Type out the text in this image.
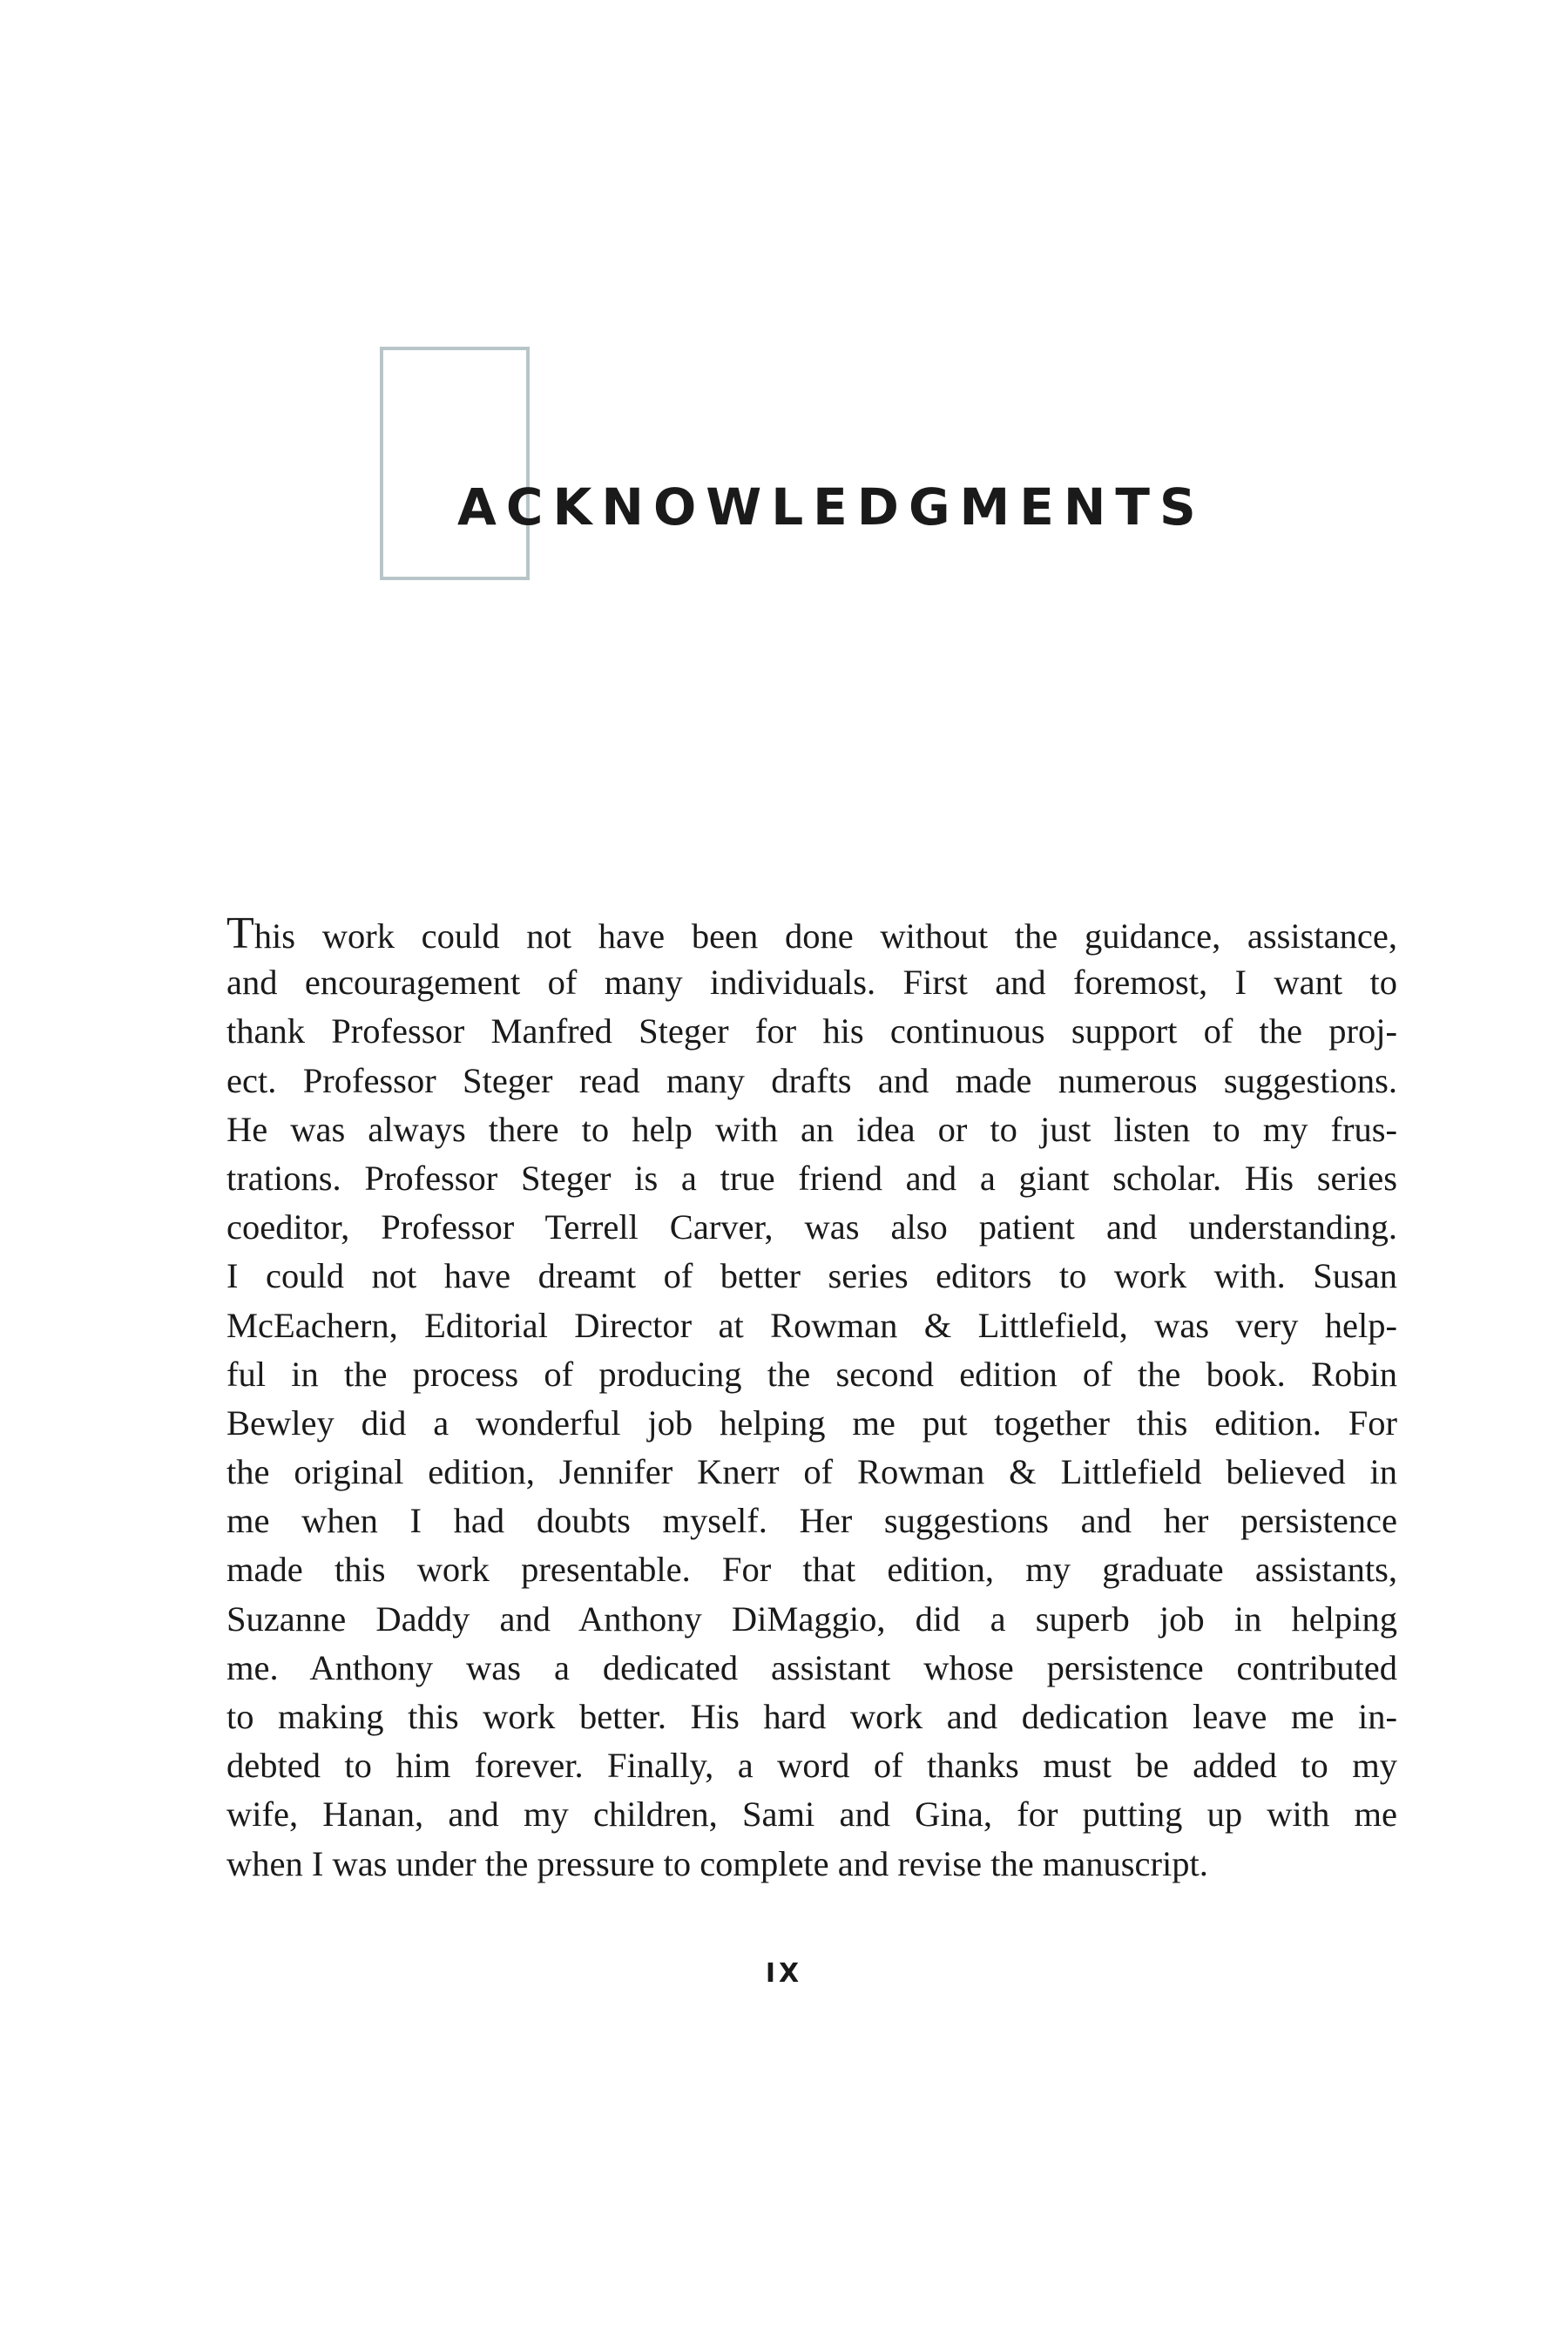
ACKNOWLEDGMENTS
This work could not have been done without the guidance, assistance,
and encouragement of many individuals. First and foremost, I want to
thank Professor Manfred Steger for his continuous support of the proj-
ect. Professor Steger read many drafts and made numerous suggestions.
He was always there to help with an idea or to just listen to my frus-
trations. Professor Steger is a true friend and a giant scholar. His series
coeditor, Professor Terrell Carver, was also patient and understanding.
I could not have dreamt of better series editors to work with. Susan
McEachern, Editorial Director at Rowman & Littlefield, was very help-
ful in the process of producing the second edition of the book. Robin
Bewley did a wonderful job helping me put together this edition. For
the original edition, Jennifer Knerr of Rowman & Littlefield believed in
me when I had doubts myself. Her suggestions and her persistence
made this work presentable. For that edition, my graduate assistants,
Suzanne Daddy and Anthony DiMaggio, did a superb job in helping
me. Anthony was a dedicated assistant whose persistence contributed
to making this work better. His hard work and dedication leave me in-
debted to him forever. Finally, a word of thanks must be added to my
wife, Hanan, and my children, Sami and Gina, for putting up with me
when I was under the pressure to complete and revise the manuscript.
IX
